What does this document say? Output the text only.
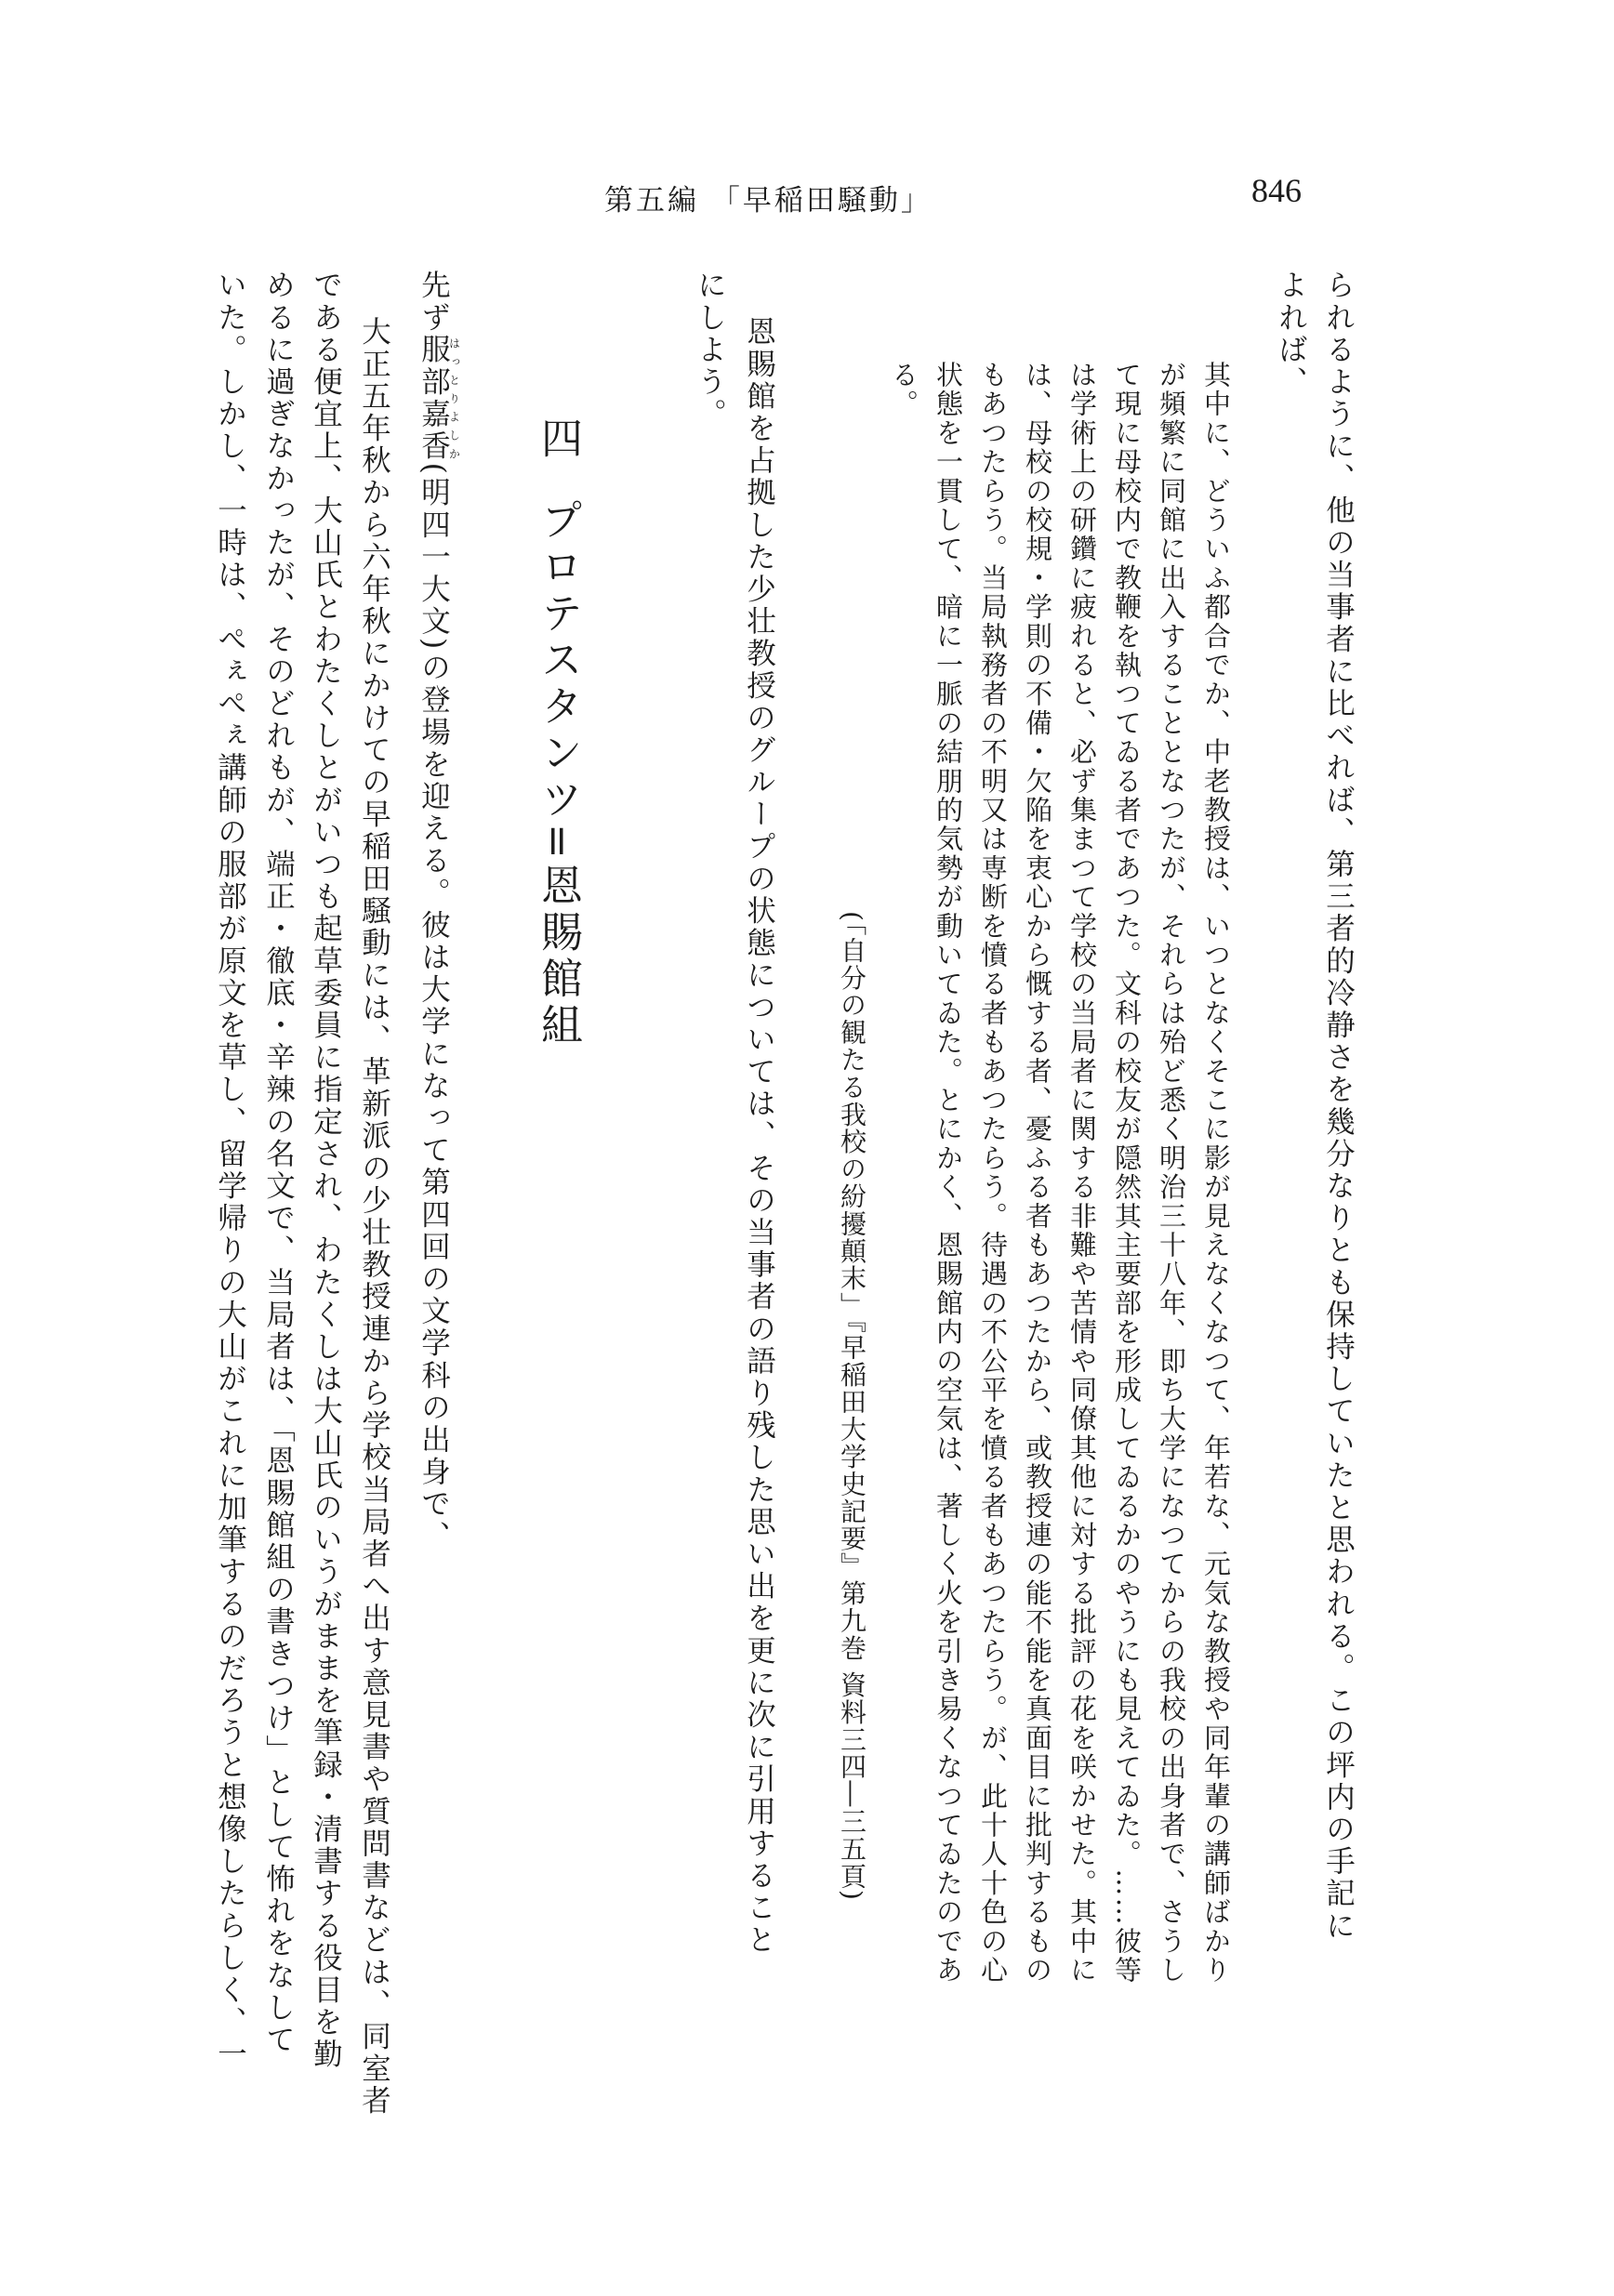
第五編 「早稲田騒動」	846
られるように、他の当事者に比べれば、第三者的冷静さを幾分なりとも保持していたと思われる。この坪内の手記に
よれば、
其中に、どういふ都合でか、中老教授は、いつとなくそこに影が見えなくなつて、年若な、元気な教授や同年輩の講師ばかり
が頻繁に同館に出入することとなつたが、それらは殆ど悉く明治三十八年、即ち大学になつてからの我校の出身者で、さうし
て現に母校内で教鞭を執つてゐる者であつた。文科の校友が隠然其主要部を形成してゐるかのやうにも見えてゐた。……彼等
は学術上の研鑽に疲れると、必ず集まつて学校の当局者に関する非難や苦情や同僚其他に対する批評の花を咲かせた。其中に
は、母校の校規・学則の不備・欠陥を衷心から慨する者、憂ふる者もあつたから、或教授連の能不能を真面目に批判するもの
もあつたらう。当局執務者の不明又は専断を憤る者もあつたらう。待遇の不公平を憤る者もあつたらう。が、此十人十色の心
状態を一貫して、暗に一脈の結朋的気勢が動いてゐた。とにかく、恩賜館内の空気は、著しく火を引き易くなつてゐたのであ
る。
(「自分の観たる我校の紛擾顛末」『早稲田大学史記要』第九巻 資料三四―三五頁)
恩賜館を占拠した少壮教授のグループの状態については、その当事者の語り残した思い出を更に次に引用すること
にしよう。
四プロテスタンツ=恩賜館組
先ず服部嘉香はっとりよしか(明四一大文)の登場を迎える。彼は大学になって第四回の文学科の出身で、
大正五年秋から六年秋にかけての早稲田騒動には、革新派の少壮教授連から学校当局者へ出す意見書や質問書などは、同室者
である便宜上、大山氏とわたくしとがいつも起草委員に指定され、わたくしは大山氏のいうがままを筆録・清書する役目を勤
めるに過ぎなかったが、そのどれもが、端正・徹底・辛辣の名文で、当局者は、「恩賜館組の書きつけ」として怖れをなして
いた。しかし、一時は、ぺぇぺぇ講師の服部が原文を草し、留学帰りの大山がこれに加筆するのだろうと想像したらしく、一
